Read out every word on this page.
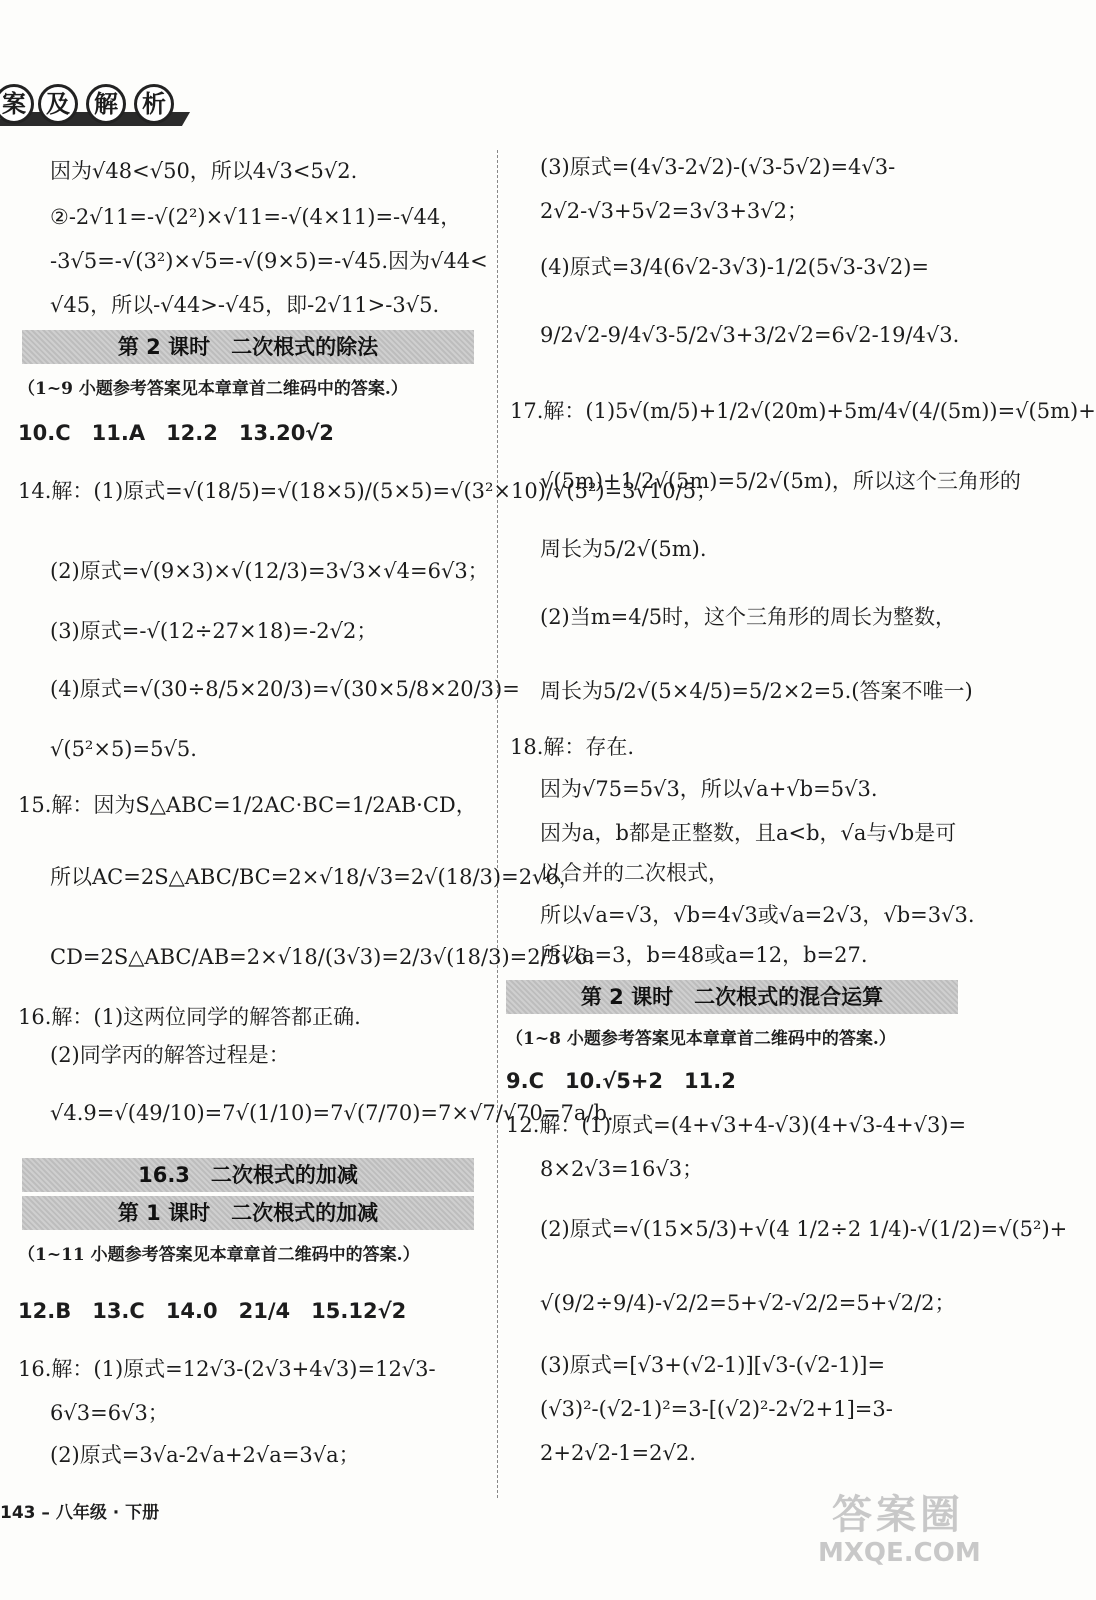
案 及	解	析
因为√48<√50，所以4√3<5√2.
②-2√11=-√(2²)×√11=-√(4×11)=-√44，
-3√5=-√(3²)×√5=-√(9×5)=-√45.因为√44<
√45，所以-√44>-√45，即-2√11>-3√5.
第 2 课时　二次根式的除法
（1~9 小题参考答案见本章章首二维码中的答案.）
10.C　11.A　12.2　13.20√2
14.解：(1)原式=√(18/5)=√(18×5)/(5×5)=√(3²×10)/√(5²)=3√10/5；
(2)原式=√(9×3)×√(12/3)=3√3×√4=6√3；
(3)原式=-√(12÷27×18)=-2√2；
(4)原式=√(30÷8/5×20/3)=√(30×5/8×20/3)=
√(5²×5)=5√5.
15.解：因为S△ABC=1/2AC·BC=1/2AB·CD，
所以AC=2S△ABC/BC=2×√18/√3=2√(18/3)=2√6，
CD=2S△ABC/AB=2×√18/(3√3)=2/3√(18/3)=2/3√6.
16.解：(1)这两位同学的解答都正确.
(2)同学丙的解答过程是：
√4.9=√(49/10)=7√(1/10)=7√(7/70)=7×√7/√70=7a/b.
16.3　二次根式的加减
第 1 课时　二次根式的加减
（1~11 小题参考答案见本章章首二维码中的答案.）
12.B　13.C　14.0　21/4　15.12√2
16.解：(1)原式=12√3-(2√3+4√3)=12√3-
6√3=6√3；
(2)原式=3√a-2√a+2√a=3√a；
(3)原式=(4√3-2√2)-(√3-5√2)=4√3-
2√2-√3+5√2=3√3+3√2；
(4)原式=3/4(6√2-3√3)-1/2(5√3-3√2)=
9/2√2-9/4√3-5/2√3+3/2√2=6√2-19/4√3.
17.解：(1)5√(m/5)+1/2√(20m)+5m/4√(4/(5m))=√(5m)+
√(5m)+1/2√(5m)=5/2√(5m)，所以这个三角形的
周长为5/2√(5m).
(2)当m=4/5时，这个三角形的周长为整数，
周长为5/2√(5×4/5)=5/2×2=5.(答案不唯一)
18.解：存在.
因为√75=5√3，所以√a+√b=5√3.
因为a，b都是正整数，且a<b，√a与√b是可
以合并的二次根式，
所以√a=√3，√b=4√3或√a=2√3，√b=3√3.
所以a=3，b=48或a=12，b=27.
第 2 课时　二次根式的混合运算
（1~8 小题参考答案见本章章首二维码中的答案.）
9.C　10.√5+2　11.2
12.解：(1)原式=(4+√3+4-√3)(4+√3-4+√3)=
8×2√3=16√3；
(2)原式=√(15×5/3)+√(4 1/2÷2 1/4)-√(1/2)=√(5²)+
√(9/2÷9/4)-√2/2=5+√2-√2/2=5+√2/2；
(3)原式=[√3+(√2-1)][√3-(√2-1)]=
(√3)²-(√2-1)²=3-[(√2)²-2√2+1]=3-
2+2√2-1=2√2.
143 – 八年级 · 下册	答案圈
MXQE.COM
